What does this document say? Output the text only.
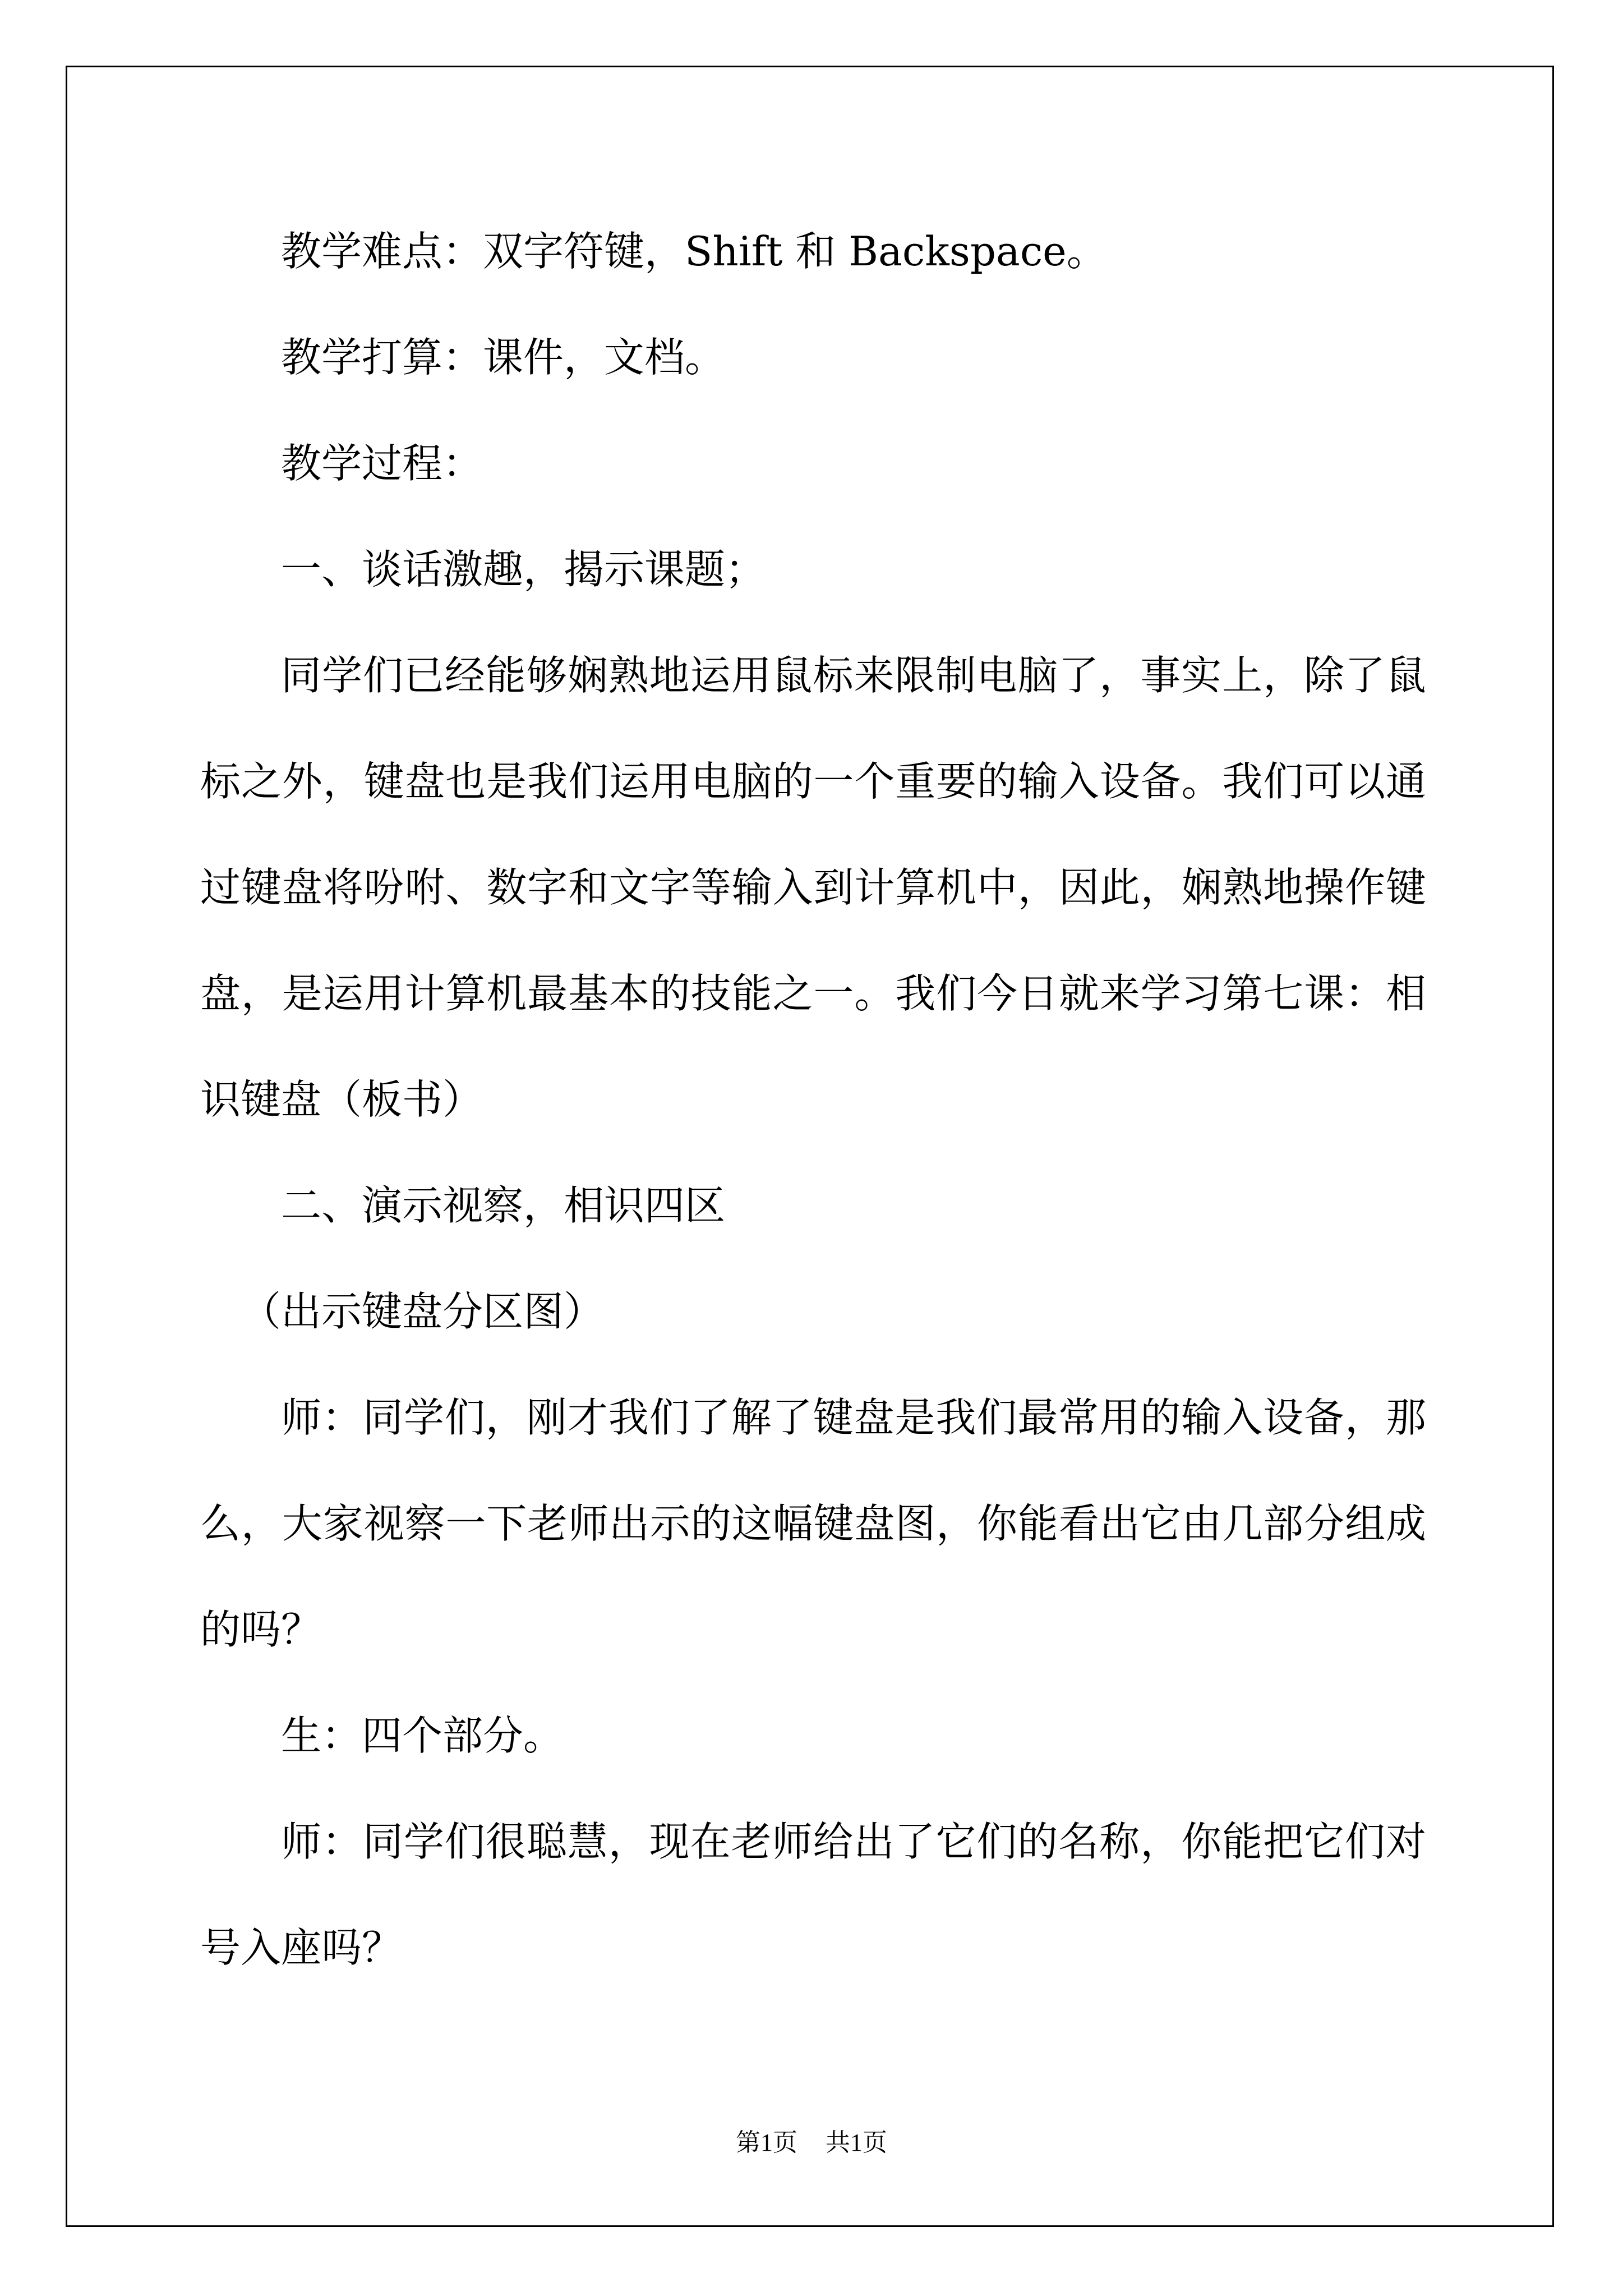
教学难点：双字符键，Shift 和 Backspace。
教学打算：课件，文档。
教学过程：
一、谈话激趣，揭示课题；
同学们已经能够娴熟地运用鼠标来限制电脑了，事实上，除了鼠
标之外，键盘也是我们运用电脑的一个重要的输入设备。我们可以通
过键盘将吩咐、数字和文字等输入到计算机中，因此，娴熟地操作键
盘，是运用计算机最基本的技能之一。我们今日就来学习第七课：相
识键盘（板书）
二、演示视察，相识四区
（出示键盘分区图）
师：同学们，刚才我们了解了键盘是我们最常用的输入设备，那
么，大家视察一下老师出示的这幅键盘图，你能看出它由几部分组成
的吗？
生：四个部分。
师：同学们很聪慧，现在老师给出了它们的名称，你能把它们对
号入座吗？
第1页 共1页
